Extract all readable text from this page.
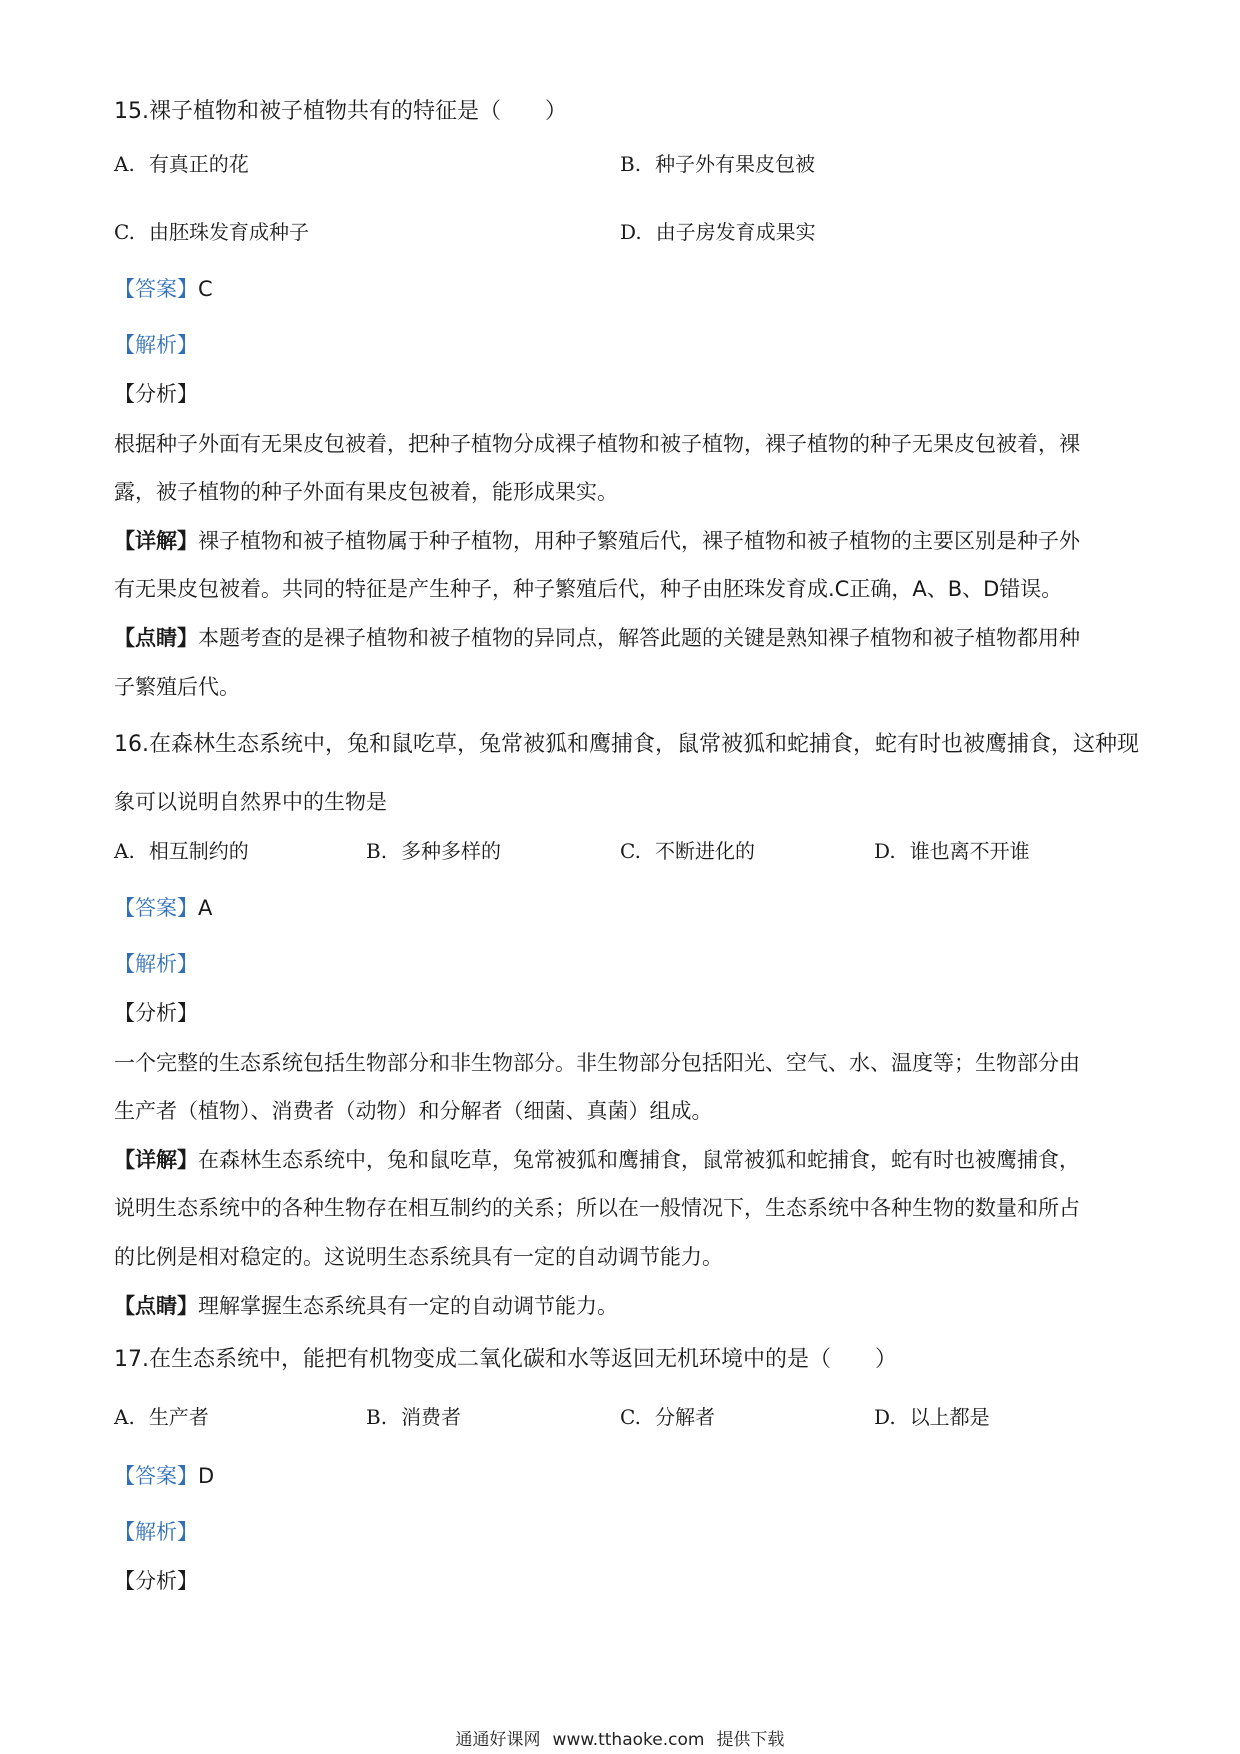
15.裸子植物和被子植物共有的特征是（　　）
A. 有真正的花	B. 种子外有果皮包被
C. 由胚珠发育成种子	D. 由子房发育成果实
【答案】C
【解析】
【分析】
根据种子外面有无果皮包被着，把种子植物分成裸子植物和被子植物，裸子植物的种子无果皮包被着，裸
露，被子植物的种子外面有果皮包被着，能形成果实。
【详解】裸子植物和被子植物属于种子植物，用种子繁殖后代，裸子植物和被子植物的主要区别是种子外
有无果皮包被着。共同的特征是产生种子，种子繁殖后代，种子由胚珠发育成.C正确，A、B、D错误。
【点睛】本题考查的是裸子植物和被子植物的异同点，解答此题的关键是熟知裸子植物和被子植物都用种
子繁殖后代。
16.在森林生态系统中，兔和鼠吃草，兔常被狐和鹰捕食，鼠常被狐和蛇捕食，蛇有时也被鹰捕食，这种现
象可以说明自然界中的生物是
A. 相互制约的	B. 多种多样的	C. 不断进化的	D. 谁也离不开谁
【答案】A
【解析】
【分析】
一个完整的生态系统包括生物部分和非生物部分。非生物部分包括阳光、空气、水、温度等；生物部分由
生产者（植物）、消费者（动物）和分解者（细菌、真菌）组成。
【详解】在森林生态系统中，兔和鼠吃草，兔常被狐和鹰捕食，鼠常被狐和蛇捕食，蛇有时也被鹰捕食，
说明生态系统中的各种生物存在相互制约的关系；所以在一般情况下，生态系统中各种生物的数量和所占
的比例是相对稳定的。这说明生态系统具有一定的自动调节能力。
【点睛】理解掌握生态系统具有一定的自动调节能力。
17.在生态系统中，能把有机物变成二氧化碳和水等返回无机环境中的是（　　）
A. 生产者	B. 消费者	C. 分解者	D. 以上都是
【答案】D
【解析】
【分析】
通通好课网 www.tthaoke.com 提供下载
